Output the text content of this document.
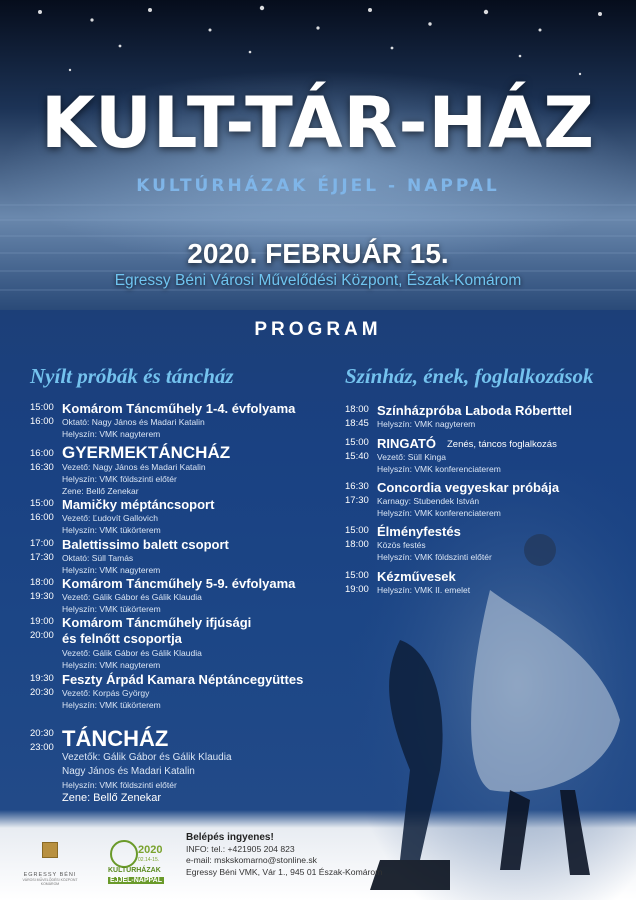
KULT-TÁR-HÁZ
KULTÚRHÁZAK ÉJJEL - NAPPAL
2020. FEBRUÁR 15.
Egressy Béni Városi Művelődési Központ, Észak-Komárom
PROGRAM
Nyílt próbák és táncház	Színház, ének, foglalkozások
15:00
16:00
Komárom Táncműhely 1-4. évfolyama
Oktató: Nagy János és Madari Katalin
Helyszín: VMK nagyterem
16:00
16:30
GYERMEKTÁNCHÁZ
Vezető: Nagy János és Madari Katalin
Helyszín: VMK földszinti előtér
Zene: Bellő Zenekar
15:00
16:00
Mamičky méptáncsoport
Vezető: Ľudovít Gallovich
Helyszín: VMK tükörterem
17:00
17:30
Balettissimo balett csoport
Oktató: Süll Tamás
Helyszín: VMK nagyterem
18:00
19:30
Komárom Táncműhely 5-9. évfolyama
Vezető: Gálik Gábor és Gálik Klaudia
Helyszín: VMK tükörterem
19:00
20:00
Komárom Táncműhely ifjúsági
és felnőtt csoportja
Vezető: Gálik Gábor és Gálik Klaudia
Helyszín: VMK nagyterem
19:30
20:30
Feszty Árpád Kamara Néptáncegyüttes
Vezető: Korpás György
Helyszín: VMK tükörterem
20:30
23:00 TÁNCHÁZ
Vezetők: Gálik Gábor és Gálik Klaudia
Nagy János és Madari Katalin
Helyszín: VMK földszinti előtér
Zene: Bellő Zenekar
18:00
18:45
Színházpróba Laboda Róberttel
Helyszín: VMK nagyterem
15:00
15:40
RINGATÓ Zenés, táncos foglalkozás
Vezető: Süll Kinga
Helyszín: VMK konferenciaterem
16:30
17:30
Concordia vegyeskar próbája
Karnagy: Stubendek István
Helyszín: VMK konferenciaterem
15:00
18:00
Élményfestés
Közös festés
Helyszín: VMK földszinti előtér
15:00
19:00
Kézművesek
Helyszín: VMK II. emelet
EGRESSY BÉNI
VÁROSI MŰVELŐDÉSI KÖZPONT
KOMÁROM
2020
02.14-15.
KULTÚRHÁZAK
ÉJJEL-NAPPAL
Belépés ingyenes!
INFO: tel.: +421905 204 823
e-mail: mskskomarno@stonline.sk
Egressy Béni VMK, Vár 1., 945 01 Észak-Komárom
